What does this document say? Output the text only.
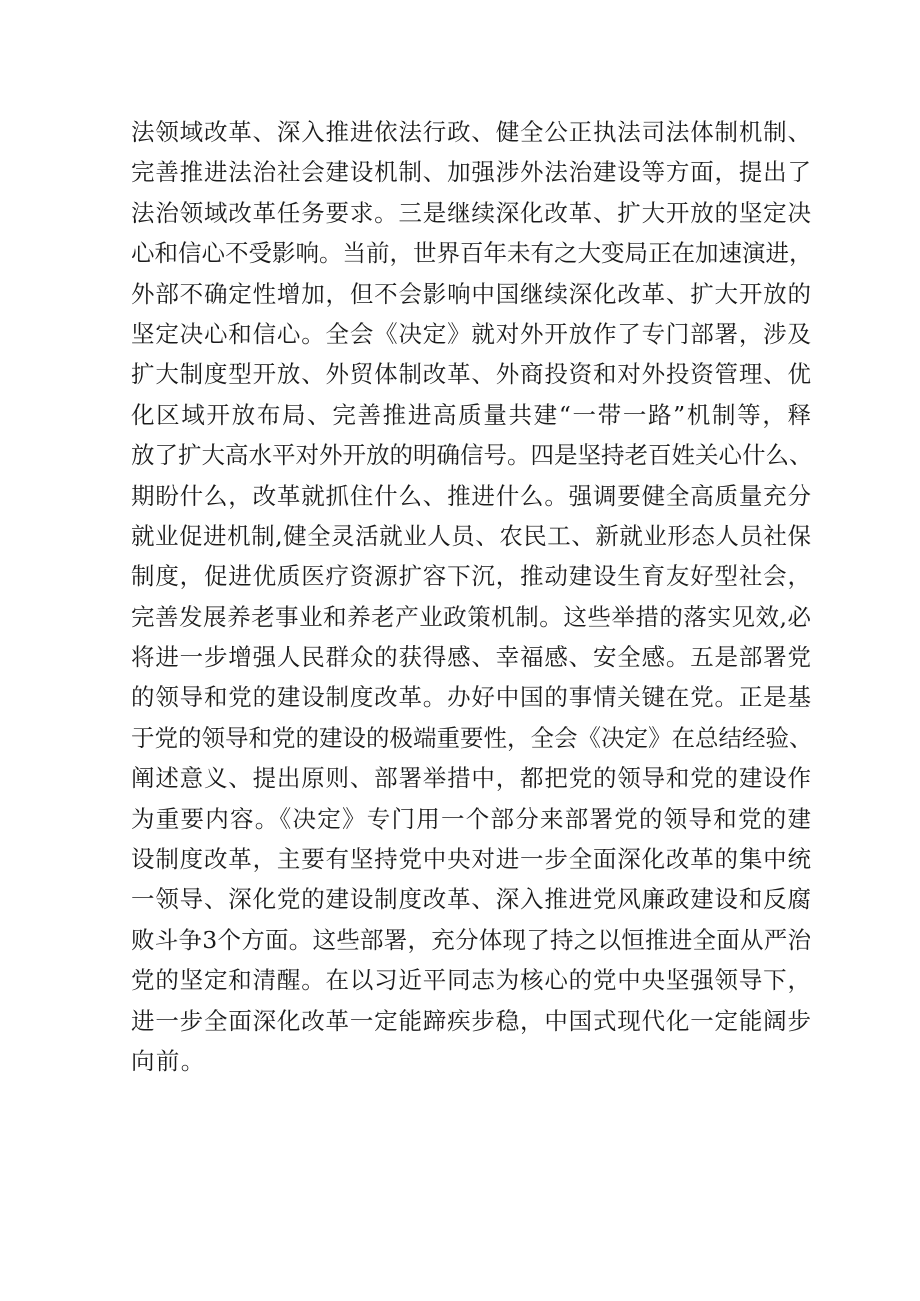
法领域改革、深入推进依法行政、健全公正执法司法体制机制、
完善推进法治社会建设机制、加强涉外法治建设等方面，提出了
法治领域改革任务要求。三是继续深化改革、扩大开放的坚定决
心和信心不受影响。当前，世界百年未有之大变局正在加速演进，
外部不确定性增加，但不会影响中国继续深化改革、扩大开放的
坚定决心和信心。全会《决定》就对外开放作了专门部署，涉及
扩大制度型开放、外贸体制改革、外商投资和对外投资管理、优
化区域开放布局、完善推进高质量共建“一带一路”机制等，释
放了扩大高水平对外开放的明确信号。四是坚持老百姓关心什么、
期盼什么，改革就抓住什么、推进什么。强调要健全高质量充分
就业促进机制,健全灵活就业人员、农民工、新就业形态人员社保
制度，促进优质医疗资源扩容下沉，推动建设生育友好型社会，
完善发展养老事业和养老产业政策机制。这些举措的落实见效,必
将进一步增强人民群众的获得感、幸福感、安全感。五是部署党
的领导和党的建设制度改革。办好中国的事情关键在党。正是基
于党的领导和党的建设的极端重要性，全会《决定》在总结经验、
阐述意义、提出原则、部署举措中，都把党的领导和党的建设作
为重要内容。《决定》专门用一个部分来部署党的领导和党的建
设制度改革，主要有坚持党中央对进一步全面深化改革的集中统
一领导、深化党的建设制度改革、深入推进党风廉政建设和反腐
败斗争3个方面。这些部署，充分体现了持之以恒推进全面从严治
党的坚定和清醒。在以习近平同志为核心的党中央坚强领导下，
进一步全面深化改革一定能蹄疾步稳，中国式现代化一定能阔步
向前。
